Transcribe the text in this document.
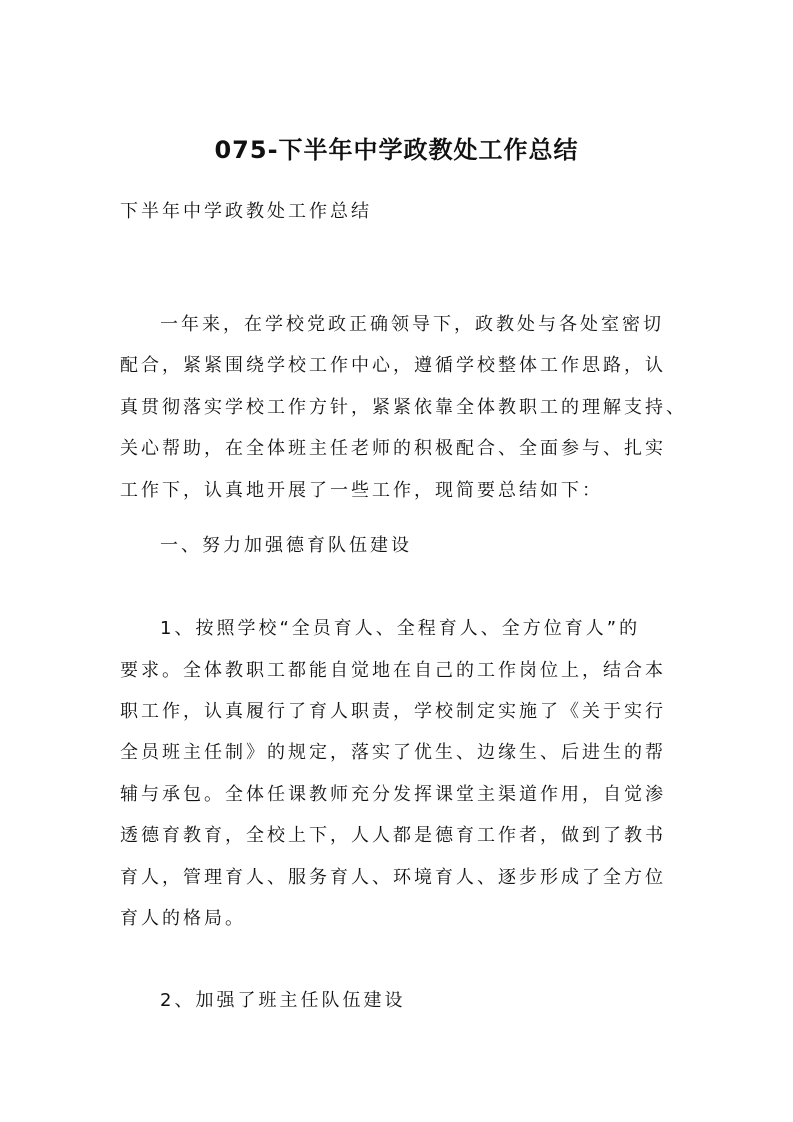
075-下半年中学政教处工作总结
下半年中学政教处工作总结
一年来，在学校党政正确领导下，政教处与各处室密切
配合，紧紧围绕学校工作中心，遵循学校整体工作思路，认
真贯彻落实学校工作方针，紧紧依靠全体教职工的理解支持、
关心帮助，在全体班主任老师的积极配合、全面参与、扎实
工作下，认真地开展了一些工作，现简要总结如下：
一、努力加强德育队伍建设
1、按照学校“全员育人、全程育人、全方位育人”的
要求。全体教职工都能自觉地在自己的工作岗位上，结合本
职工作，认真履行了育人职责，学校制定实施了《关于实行
全员班主任制》的规定，落实了优生、边缘生、后进生的帮
辅与承包。全体任课教师充分发挥课堂主渠道作用，自觉渗
透德育教育，全校上下，人人都是德育工作者，做到了教书
育人，管理育人、服务育人、环境育人、逐步形成了全方位
育人的格局。
2、加强了班主任队伍建设
